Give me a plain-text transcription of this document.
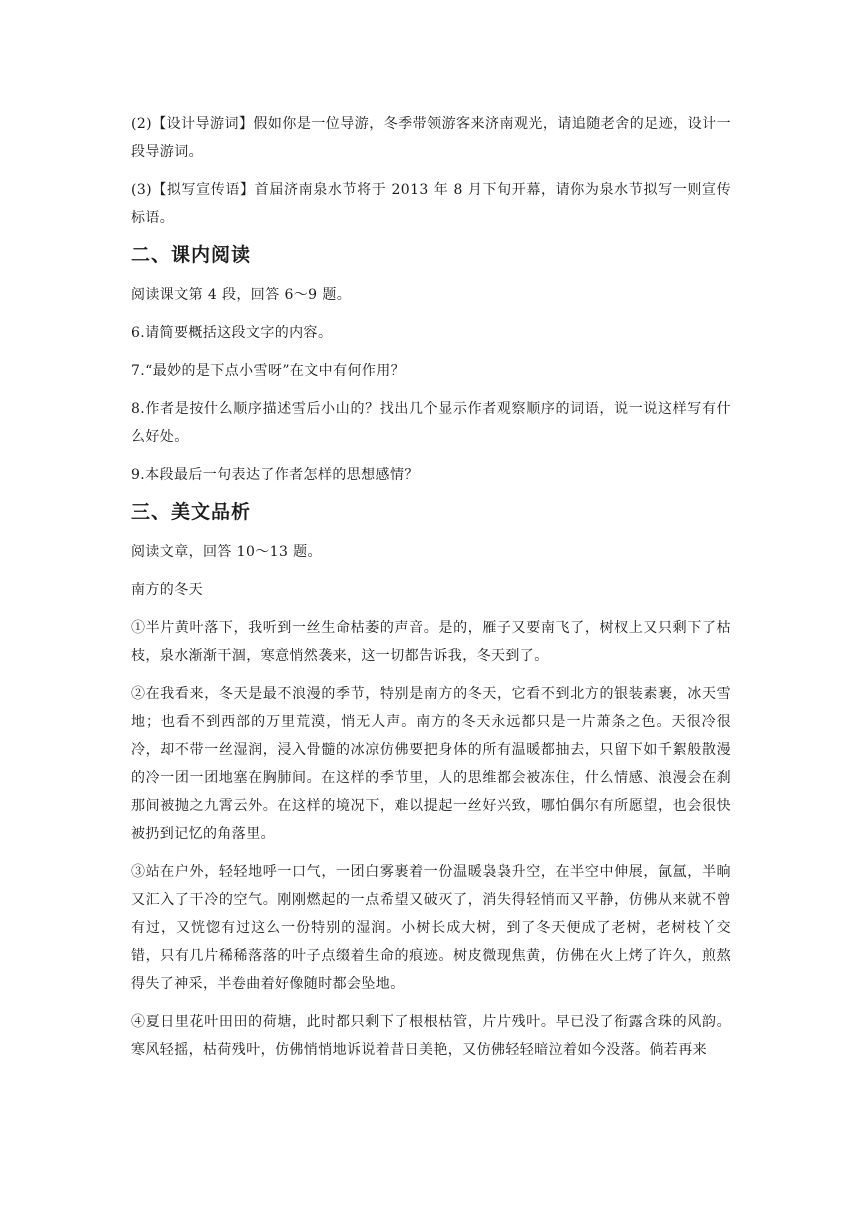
(2)【设计导游词】假如你是一位导游，冬季带领游客来济南观光，请追随老舍的足迹，设计一段导游词。

(3)【拟写宣传语】首届济南泉水节将于 2013 年 8 月下旬开幕，请你为泉水节拟写一则宣传标语。

二、课内阅读

阅读课文第 4 段，回答 6～9 题。

6.请简要概括这段文字的内容。

7.“最妙的是下点小雪呀”在文中有何作用？

8.作者是按什么顺序描述雪后小山的？找出几个显示作者观察顺序的词语，说一说这样写有什么好处。

9.本段最后一句表达了作者怎样的思想感情？

三、美文品析

阅读文章，回答 10～13 题。

南方的冬天

①半片黄叶落下，我听到一丝生命枯萎的声音。是的，雁子又要南飞了，树杈上又只剩下了枯枝，泉水渐渐干涸，寒意悄然袭来，这一切都告诉我，冬天到了。

②在我看来，冬天是最不浪漫的季节，特别是南方的冬天，它看不到北方的银装素裹，冰天雪地；也看不到西部的万里荒漠，悄无人声。南方的冬天永远都只是一片萧条之色。天很冷很冷，却不带一丝湿润，浸入骨髓的冰凉仿佛要把身体的所有温暖都抽去，只留下如千絮般散漫的冷一团一团地塞在胸肺间。在这样的季节里，人的思维都会被冻住，什么情感、浪漫会在刹那间被抛之九霄云外。在这样的境况下，难以提起一丝好兴致，哪怕偶尔有所愿望，也会很快被扔到记忆的角落里。

③站在户外，轻轻地呼一口气，一团白雾裹着一份温暖袅袅升空，在半空中伸展，氤氲，半晌又汇入了干冷的空气。刚刚燃起的一点希望又破灭了，消失得轻悄而又平静，仿佛从来就不曾有过，又恍惚有过这么一份特别的湿润。小树长成大树，到了冬天便成了老树，老树枝丫交错，只有几片稀稀落落的叶子点缀着生命的痕迹。树皮微现焦黄，仿佛在火上烤了许久，煎熬得失了神采，半卷曲着好像随时都会坠地。

④夏日里花叶田田的荷塘，此时都只剩下了根根枯管，片片残叶。早已没了衔露含珠的风韵。寒风轻摇，枯荷残叶，仿佛悄悄地诉说着昔日美艳，又仿佛轻轻暗泣着如今没落。倘若再来
